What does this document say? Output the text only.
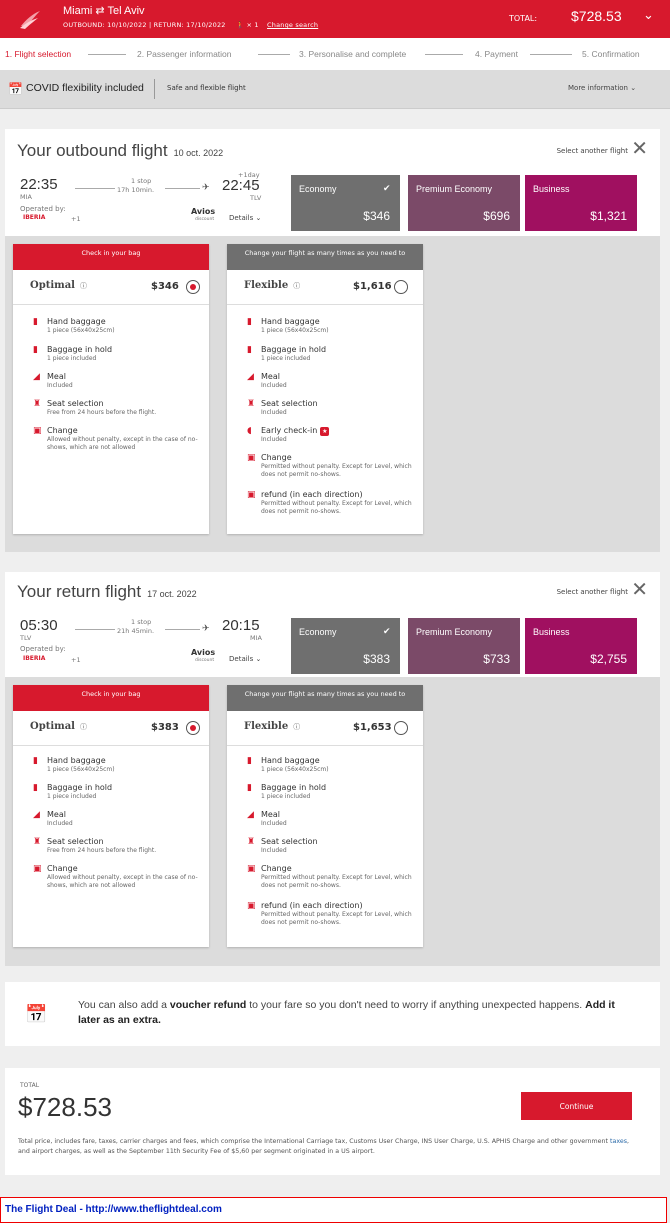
Miami ⇄ Tel Aviv
OUTBOUND: 10/10/2022 | RETURN: 17/10/2022 🚶 × 1 Change search
TOTAL: $728.53 ⌄
1. Flight selection	2. Passenger information	3. Personalise and complete	4. Payment	5. Confirmation
📅 COVID flexibility included	Safe and flexible flight	More information ⌄
Your outbound flight 10 oct. 2022	Select another flight ✕
22:35
MIA
1 stop
17h 10min.	✈
+1day
22:45
TLV
Operated by:
IBERIA	+1
Avios
discount Details ⌄
Economy	✔
$346
Premium Economy
$696
Business
$1,321
Check in your bag
Optimal ⓘ	$346
▮	Hand baggage
1 piece (56x40x25cm)
▮	Baggage in hold
1 piece included
◢ Meal
Included
♜ Seat selection
Free from 24 hours before the flight.
▣ Change
Allowed without penalty, except in the case of no-shows, which are not allowed
Change your flight as many times as you need to
Flexible ⓘ	$1,616
▮	Hand baggage
1 piece (56x40x25cm)
▮	Baggage in hold
1 piece included
◢ Meal
Included
♜ Seat selection
Included
◖	Early check-in ★
Included
▣ Change
Permitted without penalty. Except for Level, which does not permit no-shows.
▣ refund (in each direction)
Permitted without penalty. Except for Level, which does not permit no-shows.
Your return flight 17 oct. 2022	Select another flight ✕
05:30
TLV
1 stop
21h 45min.	✈ 20:15
MIA
Operated by:
IBERIA	+1
Avios
discount Details ⌄
Economy	✔
$383
Premium Economy
$733
Business
$2,755
Check in your bag
Optimal ⓘ	$383
▮	Hand baggage
1 piece (56x40x25cm)
▮	Baggage in hold
1 piece included
◢ Meal
Included
♜ Seat selection
Free from 24 hours before the flight.
▣ Change
Allowed without penalty, except in the case of no-shows, which are not allowed
Change your flight as many times as you need to
Flexible ⓘ	$1,653
▮	Hand baggage
1 piece (56x40x25cm)
▮	Baggage in hold
1 piece included
◢ Meal
Included
♜ Seat selection
Included
▣ Change
Permitted without penalty. Except for Level, which does not permit no-shows.
▣ refund (in each direction)
Permitted without penalty. Except for Level, which does not permit no-shows.
📅	You can also add a voucher refund to your fare so you don't need to worry if anything unexpected happens. Add it later as an extra.
TOTAL
$728.53	Continue
Total price, includes fare, taxes, carrier charges and fees, which comprise the International Carriage tax, Customs User Charge, INS User Charge, U.S. APHIS Charge and other government taxes, and airport charges, as well as the September 11th Security Fee of $5,60 per segment originated in a US airport.
The Flight Deal - http://www.theflightdeal.com
